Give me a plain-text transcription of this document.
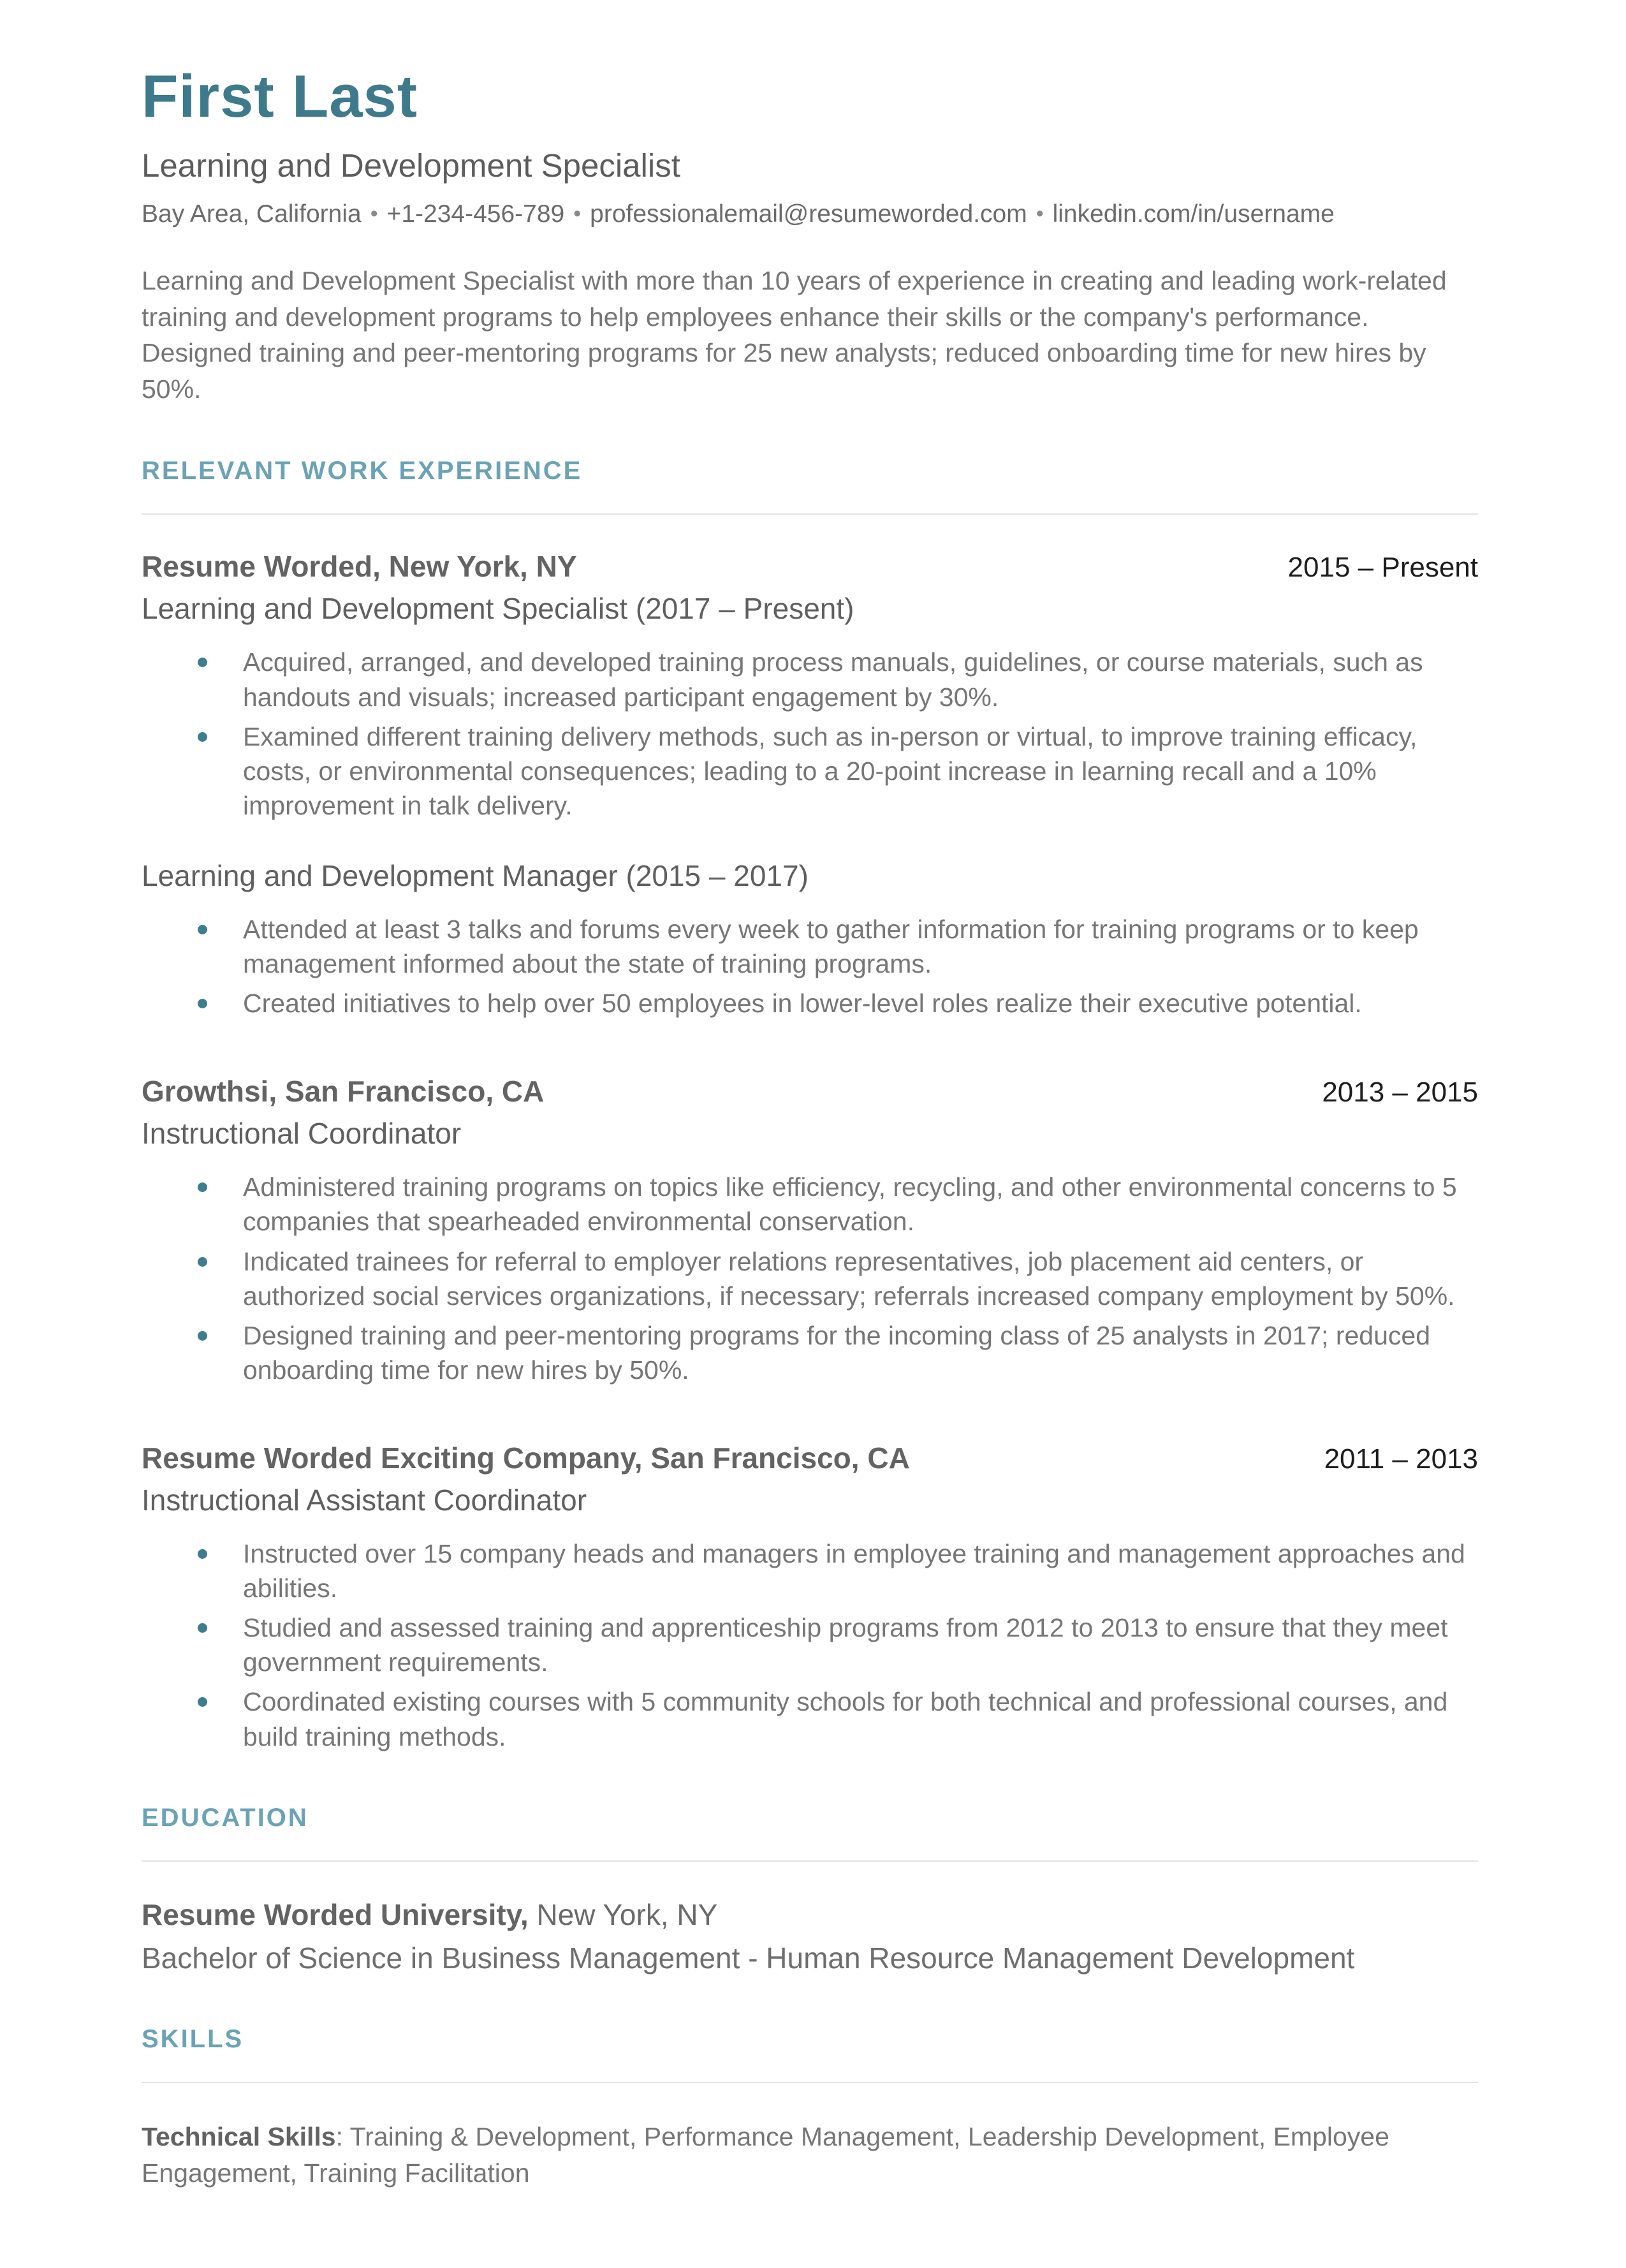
First Last
Learning and Development Specialist
Bay Area, California • +1-234-456-789 • professionalemail@resumeworded.com • linkedin.com/in/username

Learning and Development Specialist with more than 10 years of experience in creating and leading work-related training and development programs to help employees enhance their skills or the company's performance. Designed training and peer-mentoring programs for 25 new analysts; reduced onboarding time for new hires by 50%.

RELEVANT WORK EXPERIENCE
Resume Worded, New York, NY	2015 – Present
Learning and Development Specialist (2017 – Present)
Acquired, arranged, and developed training process manuals, guidelines, or course materials, such as handouts and visuals; increased participant engagement by 30%.
Examined different training delivery methods, such as in-person or virtual, to improve training efficacy, costs, or environmental consequences; leading to a 20-point increase in learning recall and a 10% improvement in talk delivery.
Learning and Development Manager (2015 – 2017)
Attended at least 3 talks and forums every week to gather information for training programs or to keep management informed about the state of training programs.
Created initiatives to help over 50 employees in lower-level roles realize their executive potential.
Growthsi, San Francisco, CA	2013 – 2015
Instructional Coordinator
Administered training programs on topics like efficiency, recycling, and other environmental concerns to 5 companies that spearheaded environmental conservation.
Indicated trainees for referral to employer relations representatives, job placement aid centers, or authorized social services organizations, if necessary; referrals increased company employment by 50%.
Designed training and peer-mentoring programs for the incoming class of 25 analysts in 2017; reduced onboarding time for new hires by 50%.
Resume Worded Exciting Company, San Francisco, CA	2011 – 2013
Instructional Assistant Coordinator
Instructed over 15 company heads and managers in employee training and management approaches and abilities.
Studied and assessed training and apprenticeship programs from 2012 to 2013 to ensure that they meet government requirements.
Coordinated existing courses with 5 community schools for both technical and professional courses, and build training methods.
EDUCATION
Resume Worded University, New York, NY
Bachelor of Science in Business Management - Human Resource Management Development
SKILLS
Technical Skills: Training & Development, Performance Management, Leadership Development, Employee Engagement, Training Facilitation
